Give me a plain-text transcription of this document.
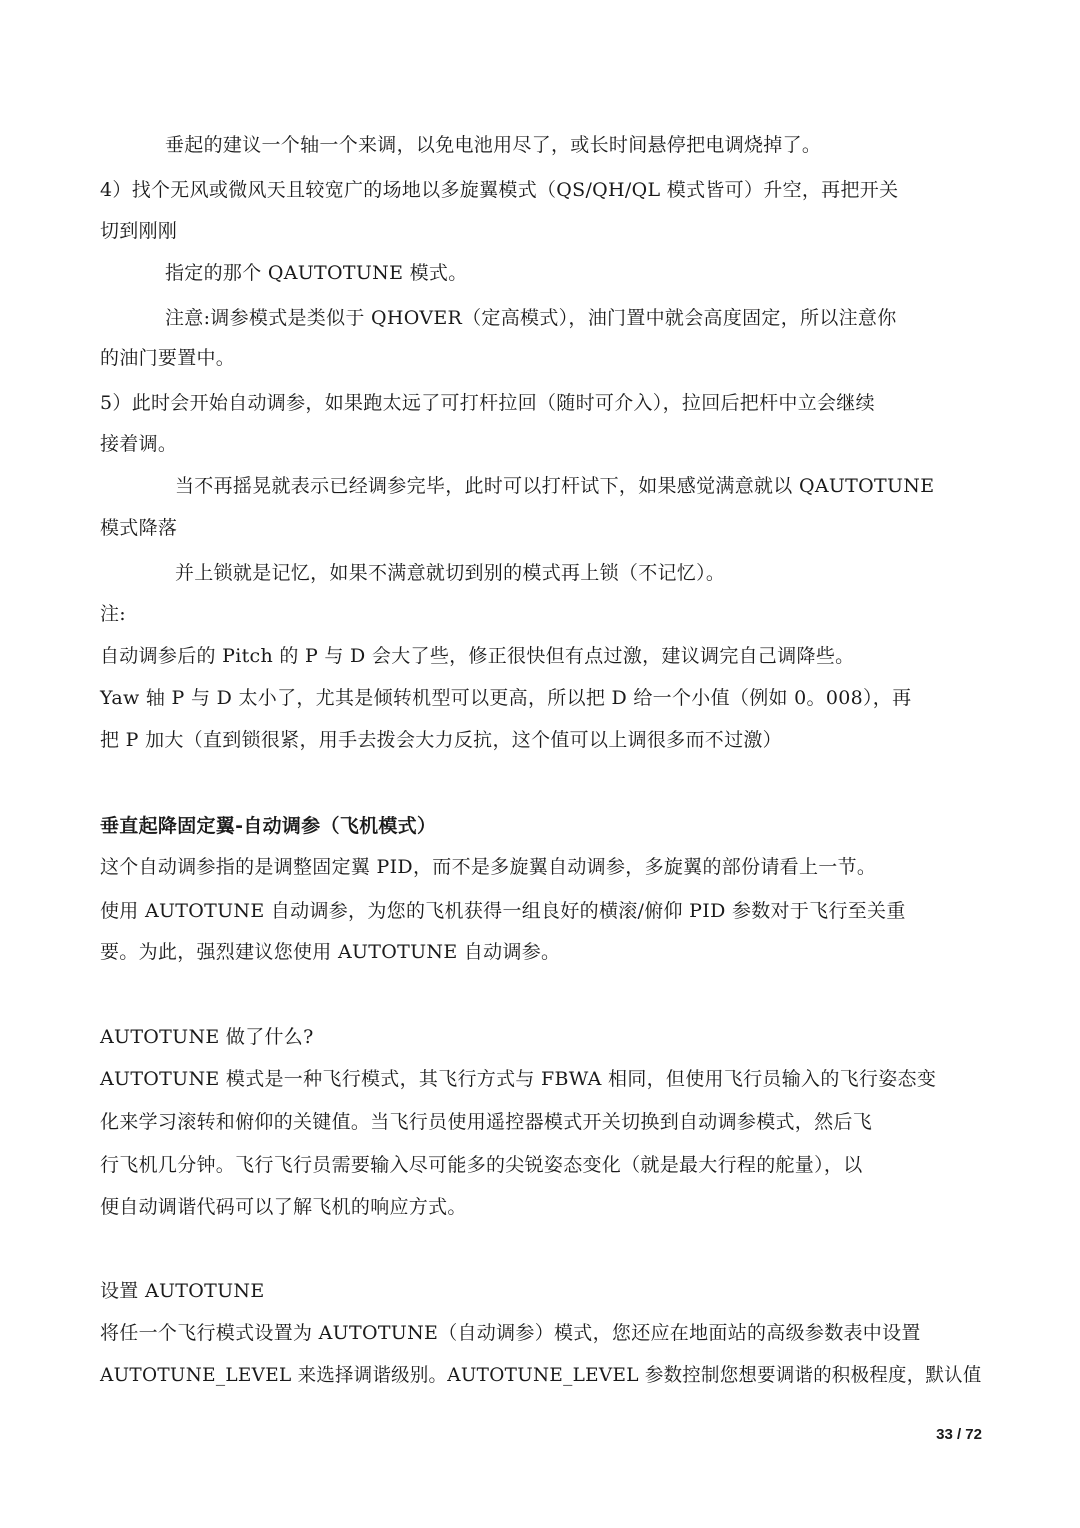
垂起的建议一个轴一个来调，以免电池用尽了，或长时间悬停把电调烧掉了。
4）找个无风或微风天且较宽广的场地以多旋翼模式（QS/QH/QL 模式皆可）升空，再把开关
切到刚刚
指定的那个 QAUTOTUNE 模式。
注意:调参模式是类似于 QHOVER（定高模式），油门置中就会高度固定，所以注意你
的油门要置中。
5）此时会开始自动调参，如果跑太远了可打杆拉回（随时可介入），拉回后把杆中立会继续
接着调。
当不再摇晃就表示已经调参完毕，此时可以打杆试下，如果感觉满意就以 QAUTOTUNE
模式降落
并上锁就是记忆，如果不满意就切到别的模式再上锁（不记忆）。
注:
自动调参后的 Pitch 的 P 与 D 会大了些，修正很快但有点过激，建议调完自己调降些。
Yaw 轴 P 与 D 太小了，尤其是倾转机型可以更高，所以把 D 给一个小值（例如 0。008），再
把 P 加大（直到锁很紧，用手去拨会大力反抗，这个值可以上调很多而不过激）
垂直起降固定翼-自动调参（飞机模式）
这个自动调参指的是调整固定翼 PID，而不是多旋翼自动调参，多旋翼的部份请看上一节。
使用 AUTOTUNE 自动调参，为您的飞机获得一组良好的横滚/俯仰 PID 参数对于飞行至关重
要。为此，强烈建议您使用 AUTOTUNE 自动调参。
AUTOTUNE 做了什么?
AUTOTUNE 模式是一种飞行模式，其飞行方式与 FBWA 相同，但使用飞行员输入的飞行姿态变
化来学习滚转和俯仰的关键值。当飞行员使用遥控器模式开关切换到自动调参模式，然后飞
行飞机几分钟。飞行飞行员需要输入尽可能多的尖锐姿态变化（就是最大行程的舵量），以
便自动调谐代码可以了解飞机的响应方式。
设置 AUTOTUNE
将任一个飞行模式设置为 AUTOTUNE（自动调参）模式，您还应在地面站的高级参数表中设置
AUTOTUNE_LEVEL 来选择调谐级别。AUTOTUNE_LEVEL 参数控制您想要调谐的积极程度，默认值
33 / 72
